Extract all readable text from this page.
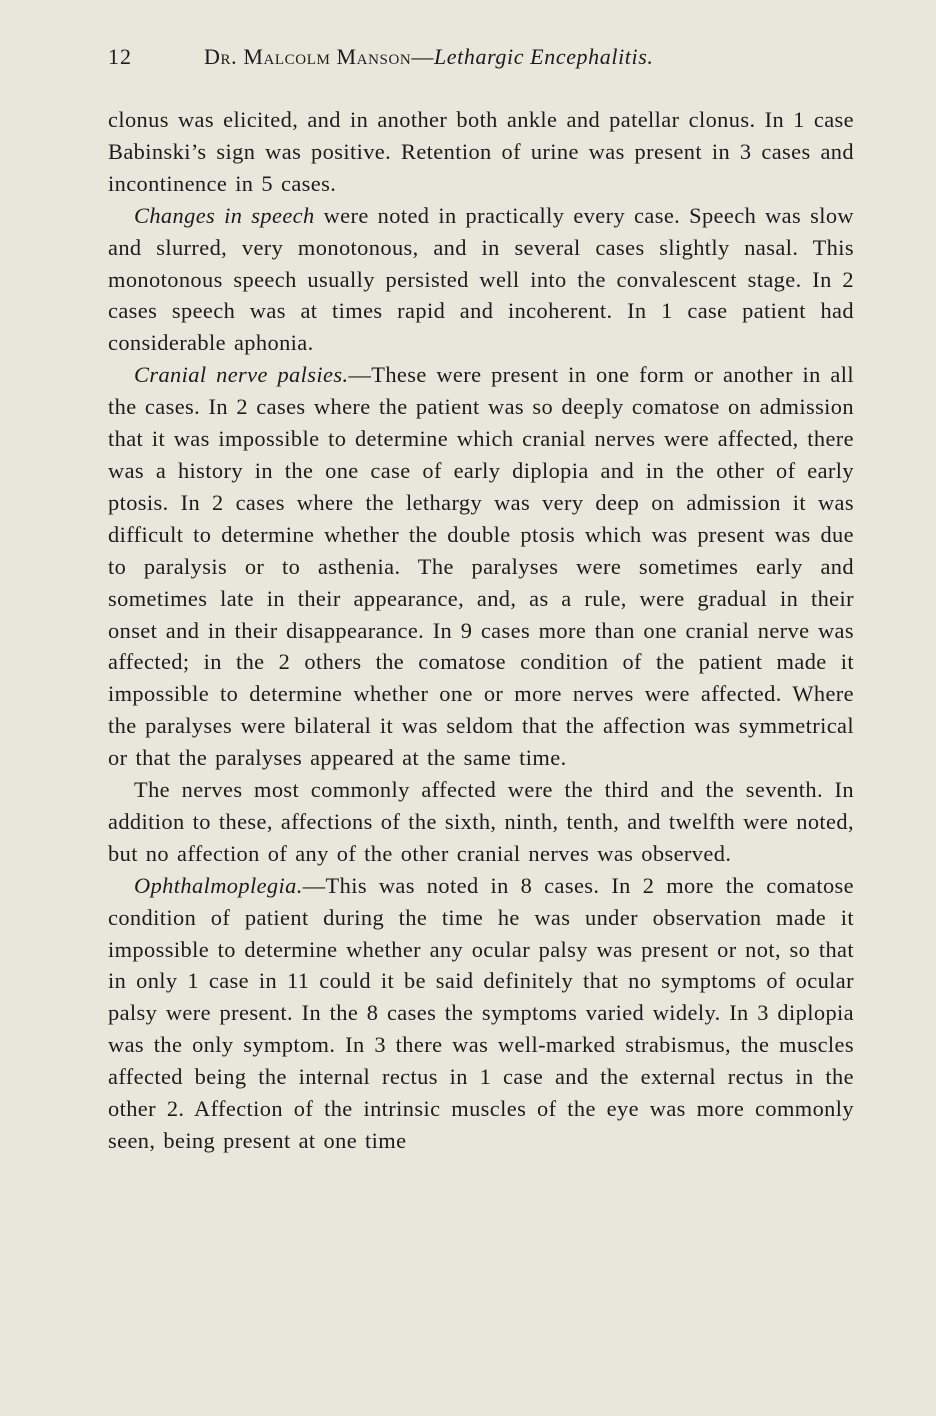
12	Dr. Malcolm Manson—Lethargic Encephalitis.

clonus was elicited, and in another both ankle and patellar clonus. In 1 case Babinski’s sign was positive. Retention of urine was present in 3 cases and incontinence in 5 cases.

Changes in speech were noted in practically every case. Speech was slow and slurred, very monotonous, and in several cases slightly nasal. This monotonous speech usually persisted well into the convalescent stage. In 2 cases speech was at times rapid and incoherent. In 1 case patient had considerable aphonia.

Cranial nerve palsies.—These were present in one form or another in all the cases. In 2 cases where the patient was so deeply comatose on admission that it was impossible to determine which cranial nerves were affected, there was a history in the one case of early diplopia and in the other of early ptosis. In 2 cases where the lethargy was very deep on admission it was difficult to determine whether the double ptosis which was present was due to paralysis or to asthenia. The paralyses were sometimes early and sometimes late in their appearance, and, as a rule, were gradual in their onset and in their disappearance. In 9 cases more than one cranial nerve was affected; in the 2 others the comatose condition of the patient made it impossible to determine whether one or more nerves were affected. Where the paralyses were bilateral it was seldom that the affection was symmetrical or that the paralyses appeared at the same time.

The nerves most commonly affected were the third and the seventh. In addition to these, affections of the sixth, ninth, tenth, and twelfth were noted, but no affection of any of the other cranial nerves was observed.

Ophthalmoplegia.—This was noted in 8 cases. In 2 more the comatose condition of patient during the time he was under observation made it impossible to determine whether any ocular palsy was present or not, so that in only 1 case in 11 could it be said definitely that no symptoms of ocular palsy were present. In the 8 cases the symptoms varied widely. In 3 diplopia was the only symptom. In 3 there was well-marked strabismus, the muscles affected being the internal rectus in 1 case and the external rectus in the other 2. Affection of the intrinsic muscles of the eye was more commonly seen, being present at one time
